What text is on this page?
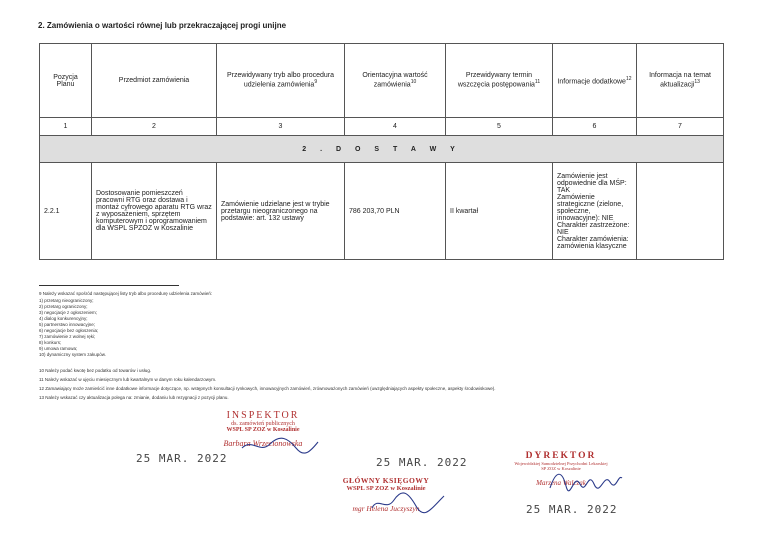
2. Zamówienia o wartości równej lub przekraczającej progi unijne
Pozycja Planu	Przedmiot zamówienia	Przewidywany tryb albo procedura udzielenia zamówienia$^9$	Orientacyjna wartość zamówienia$^{10}$	Przewidywany termin wszczęcia postępowania$^{11}$	Informacje dodatkowe$^{12}$	Informacja na temat aktualizacji$^{13}$
1	2	3	4	5	6	7
2 . D O S T A W Y						
2.2.1	Dostosowanie pomieszczeń pracowni RTG oraz dostawa i montaż cyfrowego aparatu RTG wraz z wyposażeniem, sprzętem komputerowym i oprogramowaniem dla WSPL SPZOZ w Koszalinie	Zamówienie udzielane jest w trybie przetargu nieograniczonego na podstawie: art. 132 ustawy	786 203,70 PLN	II kwartał	Zamówienie jest odpowiednie dla MŚP: TAK
Zamówienie strategiczne (zielone, społeczne, innowacyjne): NIE
Charakter zastrzeżone: NIE
Charakter zamówienia: zamówienia klasyczne	

9 Należy wskazać spośród następującej listy tryb albo procedurę udzielenia zamówień:
1) przetarg nieograniczony;
2) przetarg ograniczony;
3) negocjacje z ogłoszeniem;
4) dialog konkurencyjny;
5) partnerstwo innowacyjne;
6) negocjacje bez ogłoszenia;
7) zamówienie z wolnej ręki;
8) konkurs;
9) umowa ramowa;
10) dynamiczny system zakupów.
10 Należy podać kwotę bez podatku od towarów i usług.
11 Należy wskazać w ujęciu miesięcznym lub kwartalnym w danym roku kalendarzowym.
12 Zamawiający może zamieścić inne dodatkowe informacje dotyczące, np. wstępnych konsultacji rynkowych, innowacyjnych zamówień, zrównoważonych zamówień (uwzględniających aspekty społeczne, aspekty środowiskowe).
13 Należy wskazać czy aktualizacja polega na: zmianie, dodaniu lub rezygnacji z pozycji planu.
INSPEKTOR
ds. zamówień publicznych
WSPL SP ZOZ w Koszalinie
Barbara Wrzecionowska
GŁÓWNY KSIĘGOWY
WSPL SP ZOZ w Koszalinie
mgr Helena Juczyszyn
DYREKTOR
Wojewódzkiej Samodzielnej Przychodni Lekarskiej
SP ZOZ w Koszalinie
Marzena Walczak
25 MAR. 2022	25 MAR. 2022
25 MAR. 2022
